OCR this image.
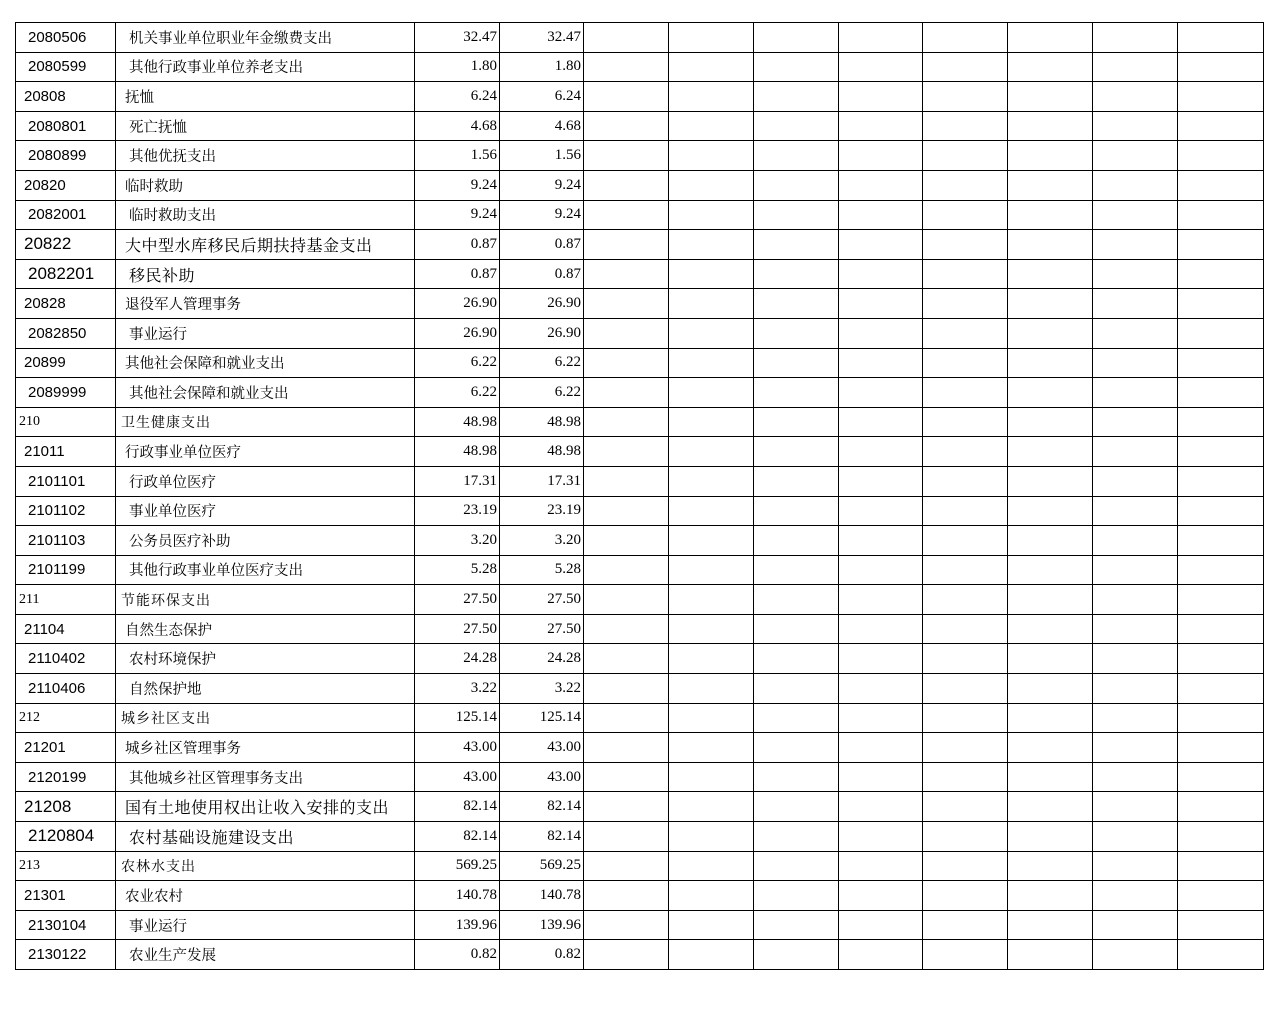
2080506	机关事业单位职业年金缴费支出	32.47	32.47								
2080599	其他行政事业单位养老支出	1.80	1.80								
20808	抚恤	6.24	6.24								
2080801	死亡抚恤	4.68	4.68								
2080899	其他优抚支出	1.56	1.56								
20820	临时救助	9.24	9.24								
2082001	临时救助支出	9.24	9.24								
20822	大中型水库移民后期扶持基金支出	0.87	0.87								
2082201	移民补助	0.87	0.87								
20828	退役军人管理事务	26.90	26.90								
2082850	事业运行	26.90	26.90								
20899	其他社会保障和就业支出	6.22	6.22								
2089999	其他社会保障和就业支出	6.22	6.22								
210	卫生健康支出	48.98	48.98								
21011	行政事业单位医疗	48.98	48.98								
2101101	行政单位医疗	17.31	17.31								
2101102	事业单位医疗	23.19	23.19								
2101103	公务员医疗补助	3.20	3.20								
2101199	其他行政事业单位医疗支出	5.28	5.28								
211	节能环保支出	27.50	27.50								
21104	自然生态保护	27.50	27.50								
2110402	农村环境保护	24.28	24.28								
2110406	自然保护地	3.22	3.22								
212	城乡社区支出	125.14	125.14								
21201	城乡社区管理事务	43.00	43.00								
2120199	其他城乡社区管理事务支出	43.00	43.00								
21208	国有土地使用权出让收入安排的支出	82.14	82.14								
2120804	农村基础设施建设支出	82.14	82.14								
213	农林水支出	569.25	569.25								
21301	农业农村	140.78	140.78								
2130104	事业运行	139.96	139.96								
2130122	农业生产发展	0.82	0.82								
